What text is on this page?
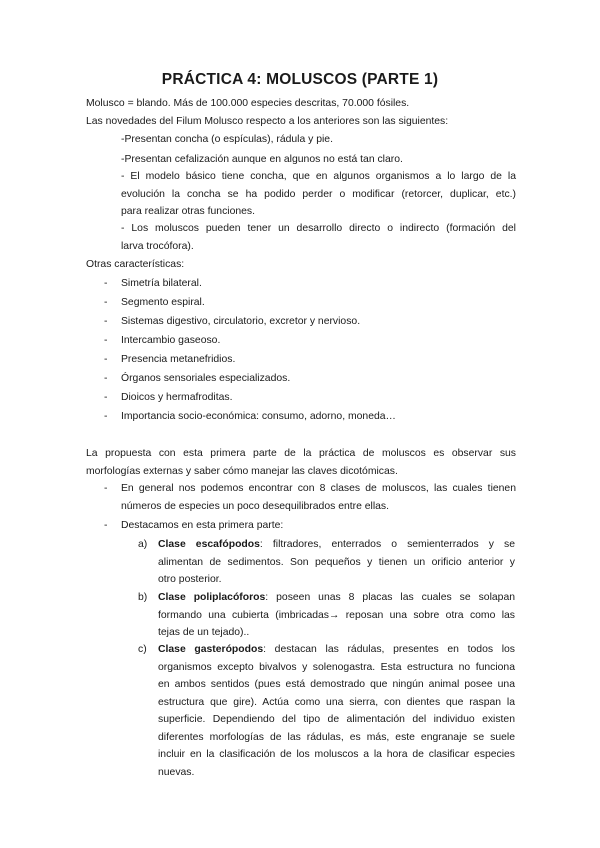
PRÁCTICA 4: MOLUSCOS (PARTE 1)
Molusco = blando. Más de 100.000 especies descritas, 70.000 fósiles.
Las novedades del Filum Molusco respecto a los anteriores son las siguientes:
-Presentan concha (o espículas), rádula y pie.
-Presentan cefalización aunque en algunos no está tan claro.
- El modelo básico tiene concha, que en algunos organismos a lo largo de la
evolución la concha se ha podido perder o modificar (retorcer, duplicar, etc.)
para realizar otras funciones.
- Los moluscos pueden tener un desarrollo directo o indirecto (formación del
larva trocófora).
Otras características:
- Simetría bilateral.
- Segmento espiral.
- Sistemas digestivo, circulatorio, excretor y nervioso.
- Intercambio gaseoso.
- Presencia metanefridios.
- Órganos sensoriales especializados.
- Dioicos y hermafroditas.
- Importancia socio-económica: consumo, adorno, moneda…
La propuesta con esta primera parte de la práctica de moluscos es observar sus
morfologías externas y saber cómo manejar las claves dicotómicas.
- En general nos podemos encontrar con 8 clases de moluscos, las cuales tienen
números de especies un poco desequilibrados entre ellas.
- Destacamos en esta primera parte:
a) Clase escafópodos: filtradores, enterrados o semienterrados y se
alimentan de sedimentos. Son pequeños y tienen un orificio anterior y
otro posterior.
b) Clase poliplacóforos: poseen unas 8 placas las cuales se solapan
formando una cubierta (imbricadas→ reposan una sobre otra como las
tejas de un tejado)..
c) Clase gasterópodos: destacan las rádulas, presentes en todos los
organismos excepto bivalvos y solenogastra. Esta estructura no funciona
en ambos sentidos (pues está demostrado que ningún animal posee una
estructura que gire). Actúa como una sierra, con dientes que raspan la
superficie. Dependiendo del tipo de alimentación del individuo existen
diferentes morfologías de las rádulas, es más, este engranaje se suele
incluir en la clasificación de los moluscos a la hora de clasificar especies
nuevas.
